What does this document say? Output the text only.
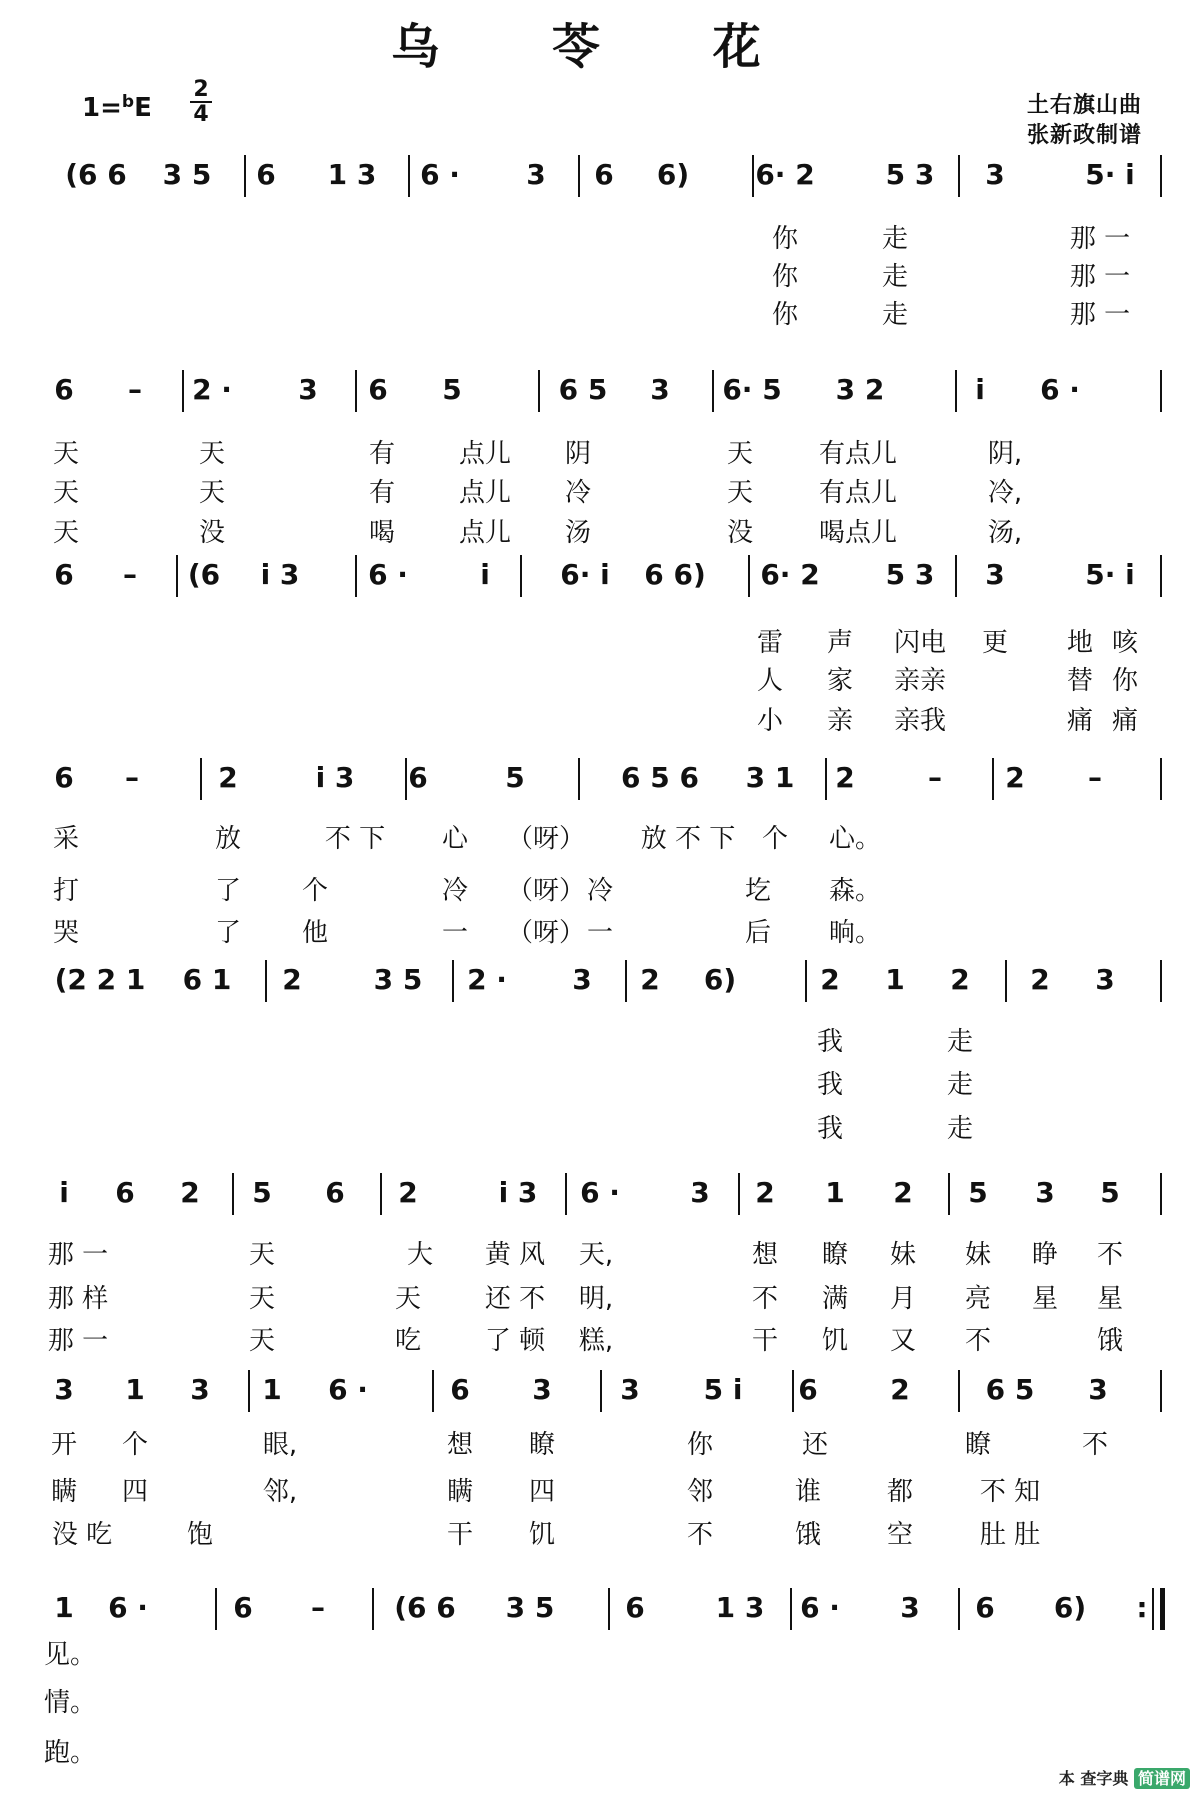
乌 苓 花
1=$^b$E
2
4	土右旗山曲
张新政制谱
(6 6 3 5 6 1 3 6 · 3 6 6) 6· 2	5 3 3	5· i
你	走	那 一
你	走	那 一
你	走	那 一
6 – 2 · 3 6 5	6 5 3 6· 5 3 2	i 6 ·
天	天	有 点儿 阴	天	有点儿	阴,
天	天	有 点儿 冷	天	有点儿	冷,
天	没	喝 点儿 汤	没	喝点儿	汤,
6 – (6 i 3 6 ·	i	6· i 6 6) 6· 2 5 3 3	5· i
雷 声 闪电 更 地 咳
人 家 亲亲	替 你
小 亲 亲我	痛 痛
6 –	2	i 3 6	5	6 5 6 3 1 2	– 2 –
采	放	不 下 心 （呀） 放 不 下 个 心。
打	了 个	冷 （呀） 冷	圪 森。
哭	了 他	一 （呀） 一	后 晌。
(2 2 1 6 1 2	3 5 2 · 3 2 6)	2 1 2 2 3
我	走
我	走
我	走
i 6 2 5 6 2	i 3 6 ·	3 2 1 2 5 3 5
那 一	天	大 黄 风 天,	想 瞭 妹 妹 睁 不
那 样	天	天 还 不 明,	不 满 月 亮 星 星
那 一	天	吃 了 顿 糕,	干 饥 又 不	饿
3 1 3 1 6 ·	6 3 3 5 i 6	2	6 5 3
开 个	眼,	想 瞭	你	还	瞭	不
瞒 四	邻,	瞒 四	邻	谁	都	不 知
没 吃	饱	干 饥	不	饿	空	肚 肚
1 6 ·	6 – (6 6 3 5	6	1 3 6 · 3 6 6) :
见。
情。
跑。
本 查字典 简谱网
